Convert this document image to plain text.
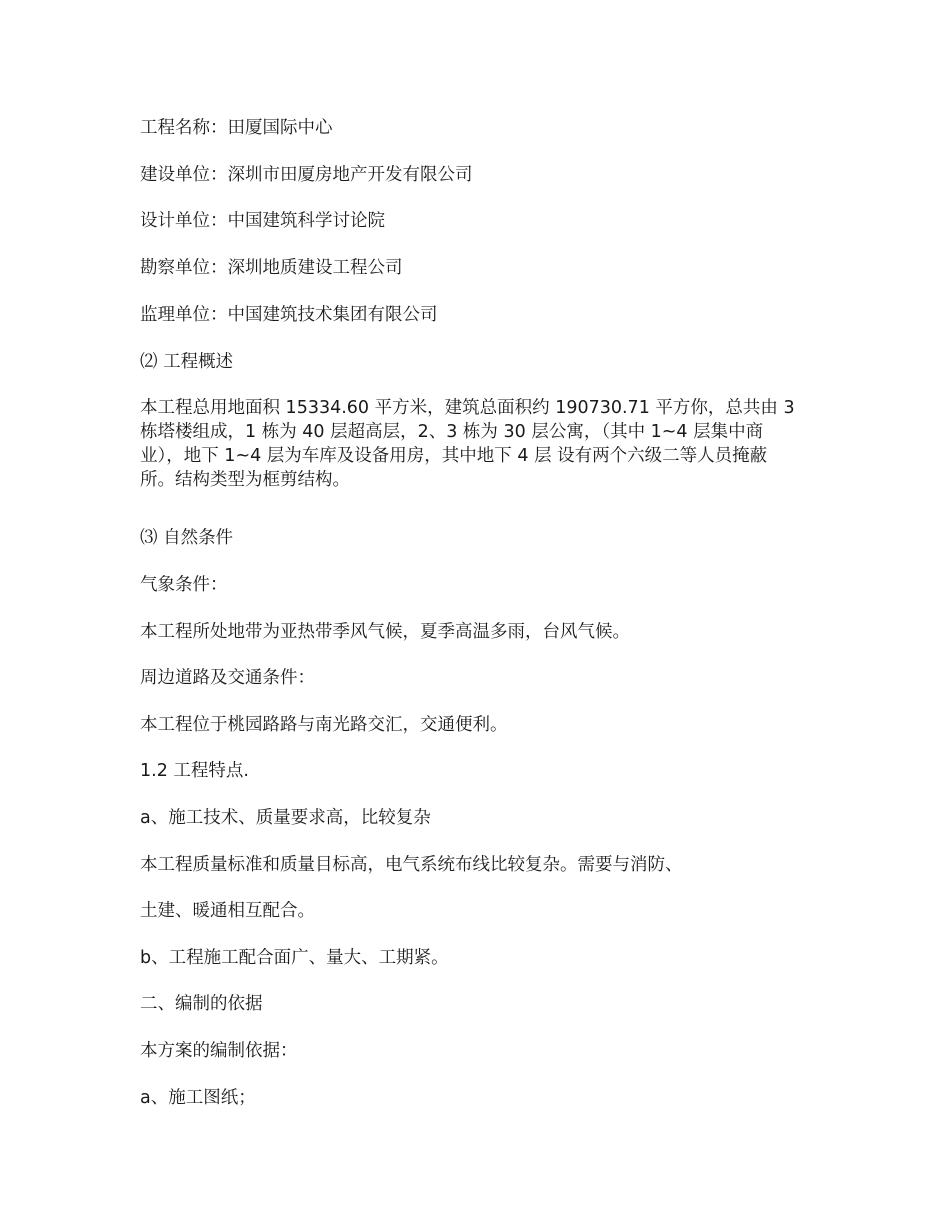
工程名称：田厦国际中心
建设单位：深圳市田厦房地产开发有限公司
设计单位：中国建筑科学讨论院
勘察单位：深圳地质建设工程公司
监理单位：中国建筑技术集团有限公司
⑵ 工程概述
本工程总用地面积 15334.60 平方米，建筑总面积约 190730.71 平方你，总共由 3
栋塔楼组成，1 栋为 40 层超高层，2、3 栋为 30 层公寓，（其中 1~4 层集中商
业），地下 1~4 层为车库及设备用房，其中地下 4 层 设有两个六级二等人员掩蔽
所。结构类型为框剪结构。
⑶ 自然条件
气象条件：
本工程所处地带为亚热带季风气候，夏季高温多雨，台风气候。
周边道路及交通条件：
本工程位于桃园路路与南光路交汇，交通便利。
1.2 工程特点.
a、施工技术、质量要求高，比较复杂
本工程质量标准和质量目标高，电气系统布线比较复杂。需要与消防、
土建、暖通相互配合。
b、工程施工配合面广、量大、工期紧。
二、编制的依据
本方案的编制依据：
a、施工图纸；
